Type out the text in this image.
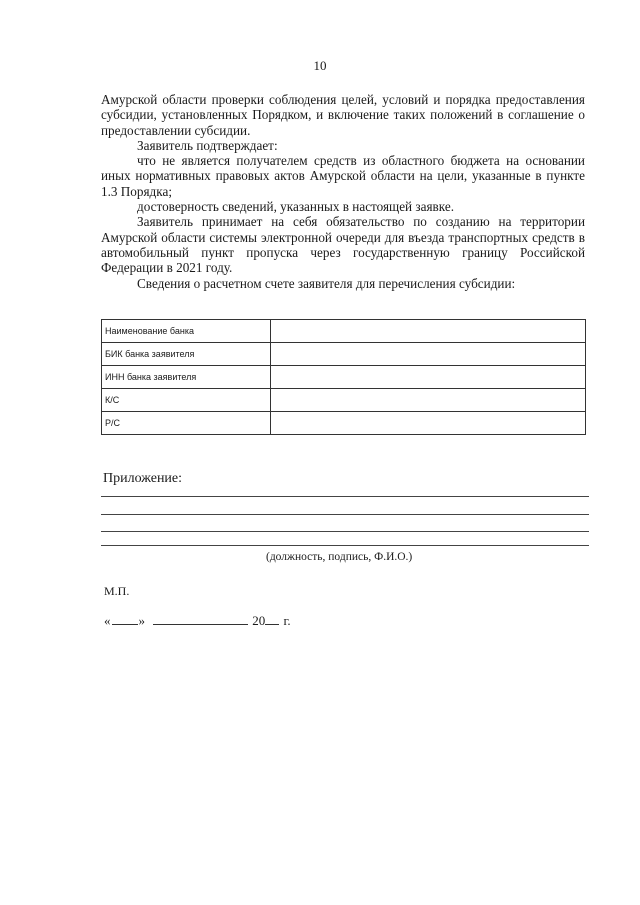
10

Амурской области проверки соблюдения целей, условий и порядка предоставления субсидии, установленных Порядком, и включение таких положений в соглашение о предоставлении субсидии.

Заявитель подтверждает:

что не является получателем средств из областного бюджета на основании иных нормативных правовых актов Амурской области на цели, указанные в пункте 1.3 Порядка;

достоверность сведений, указанных в настоящей заявке.

Заявитель принимает на себя обязательство по созданию на территории Амурской области системы электронной очереди для въезда транспортных средств в автомобильный пункт пропуска через государственную границу Российской Федерации в 2021 году.

Сведения о расчетном счете заявителя для перечисления субсидии:

Наименование банка	
БИК банка заявителя	
ИНН банка заявителя	
К/С	
Р/С	
Приложение:
(должность, подпись, Ф.И.О.)
М.П.
« »	20 г.
